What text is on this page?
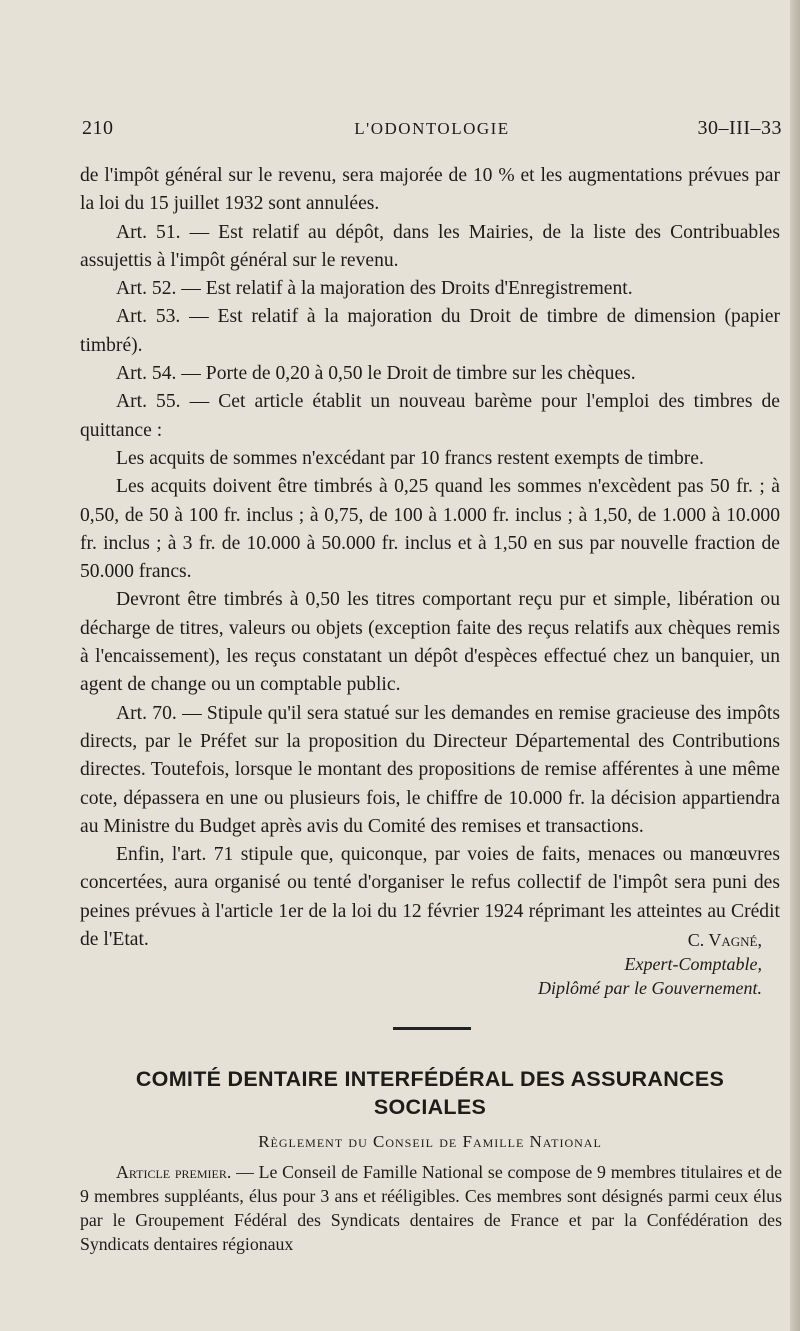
210	L'ODONTOLOGIE	30–III–33

de l'impôt général sur le revenu, sera majorée de 10 % et les augmentations prévues par la loi du 15 juillet 1932 sont annulées.

Art. 51. — Est relatif au dépôt, dans les Mairies, de la liste des Contribuables assujettis à l'impôt général sur le revenu.

Art. 52. — Est relatif à la majoration des Droits d'Enregistrement.

Art. 53. — Est relatif à la majoration du Droit de timbre de dimension (papier timbré).

Art. 54. — Porte de 0,20 à 0,50 le Droit de timbre sur les chèques.

Art. 55. — Cet article établit un nouveau barème pour l'emploi des timbres de quittance :

Les acquits de sommes n'excédant par 10 francs restent exempts de timbre.

Les acquits doivent être timbrés à 0,25 quand les sommes n'excèdent pas 50 fr. ; à 0,50, de 50 à 100 fr. inclus ; à 0,75, de 100 à 1.000 fr. inclus ; à 1,50, de 1.000 à 10.000 fr. inclus ; à 3 fr. de 10.000 à 50.000 fr. inclus et à 1,50 en sus par nouvelle fraction de 50.000 francs.

Devront être timbrés à 0,50 les titres comportant reçu pur et simple, libération ou décharge de titres, valeurs ou objets (exception faite des reçus relatifs aux chèques remis à l'encaissement), les reçus constatant un dépôt d'espèces effectué chez un banquier, un agent de change ou un comptable public.

Art. 70. — Stipule qu'il sera statué sur les demandes en remise gracieuse des impôts directs, par le Préfet sur la proposition du Directeur Départemental des Contributions directes. Toutefois, lorsque le montant des propositions de remise afférentes à une même cote, dépassera en une ou plusieurs fois, le chiffre de 10.000 fr. la décision appartiendra au Ministre du Budget après avis du Comité des remises et transactions.

Enfin, l'art. 71 stipule que, quiconque, par voies de faits, menaces ou manœuvres concertées, aura organisé ou tenté d'organiser le refus collectif de l'impôt sera puni des peines prévues à l'article 1er de la loi du 12 février 1924 réprimant les atteintes au Crédit de l'Etat.	C. Vagné,
Expert-Comptable,
Diplômé par le Gouvernement.
COMITÉ DENTAIRE INTERFÉDÉRAL DES ASSURANCES
SOCIALES
Règlement du Conseil de Famille National

Article premier. — Le Conseil de Famille National se compose de 9 membres titulaires et de 9 membres suppléants, élus pour 3 ans et rééligibles. Ces membres sont désignés parmi ceux élus par le Groupement Fédéral des Syndicats dentaires de France et par la Confédération des Syndicats dentaires régionaux
